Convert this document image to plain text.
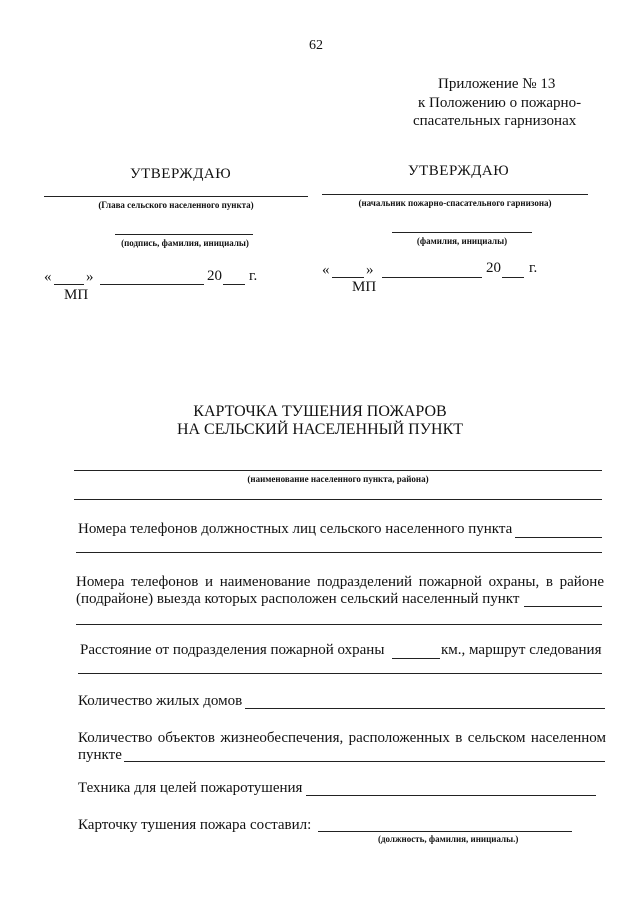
62
Приложение № 13
к Положению о пожарно-
спасательных гарнизонах
УТВЕРЖДАЮ
(Глава сельского населенного пункта)
(подпись, фамилия, инициалы)
« »	20 г.
МП
УТВЕРЖДАЮ
(начальник пожарно-спасательного гарнизона)
(фамилия, инициалы)
« »	20 г.
МП
КАРТОЧКА ТУШЕНИЯ ПОЖАРОВ
НА СЕЛЬСКИЙ НАСЕЛЕННЫЙ ПУНКТ
(наименование населенного пункта, района)
Номера телефонов должностных лиц сельского населенного пункта
Номера телефонов и наименование подразделений пожарной охраны, в районе
(подрайоне) выезда которых расположен сельский населенный пункт
Расстояние от подразделения пожарной охраны	км., маршрут следования
Количество жилых домов
Количество объектов жизнеобеспечения, расположенных в сельском населенном
пункте
Техника для целей пожаротушения
Карточку тушения пожара составил:
(должность, фамилия, инициалы.)
